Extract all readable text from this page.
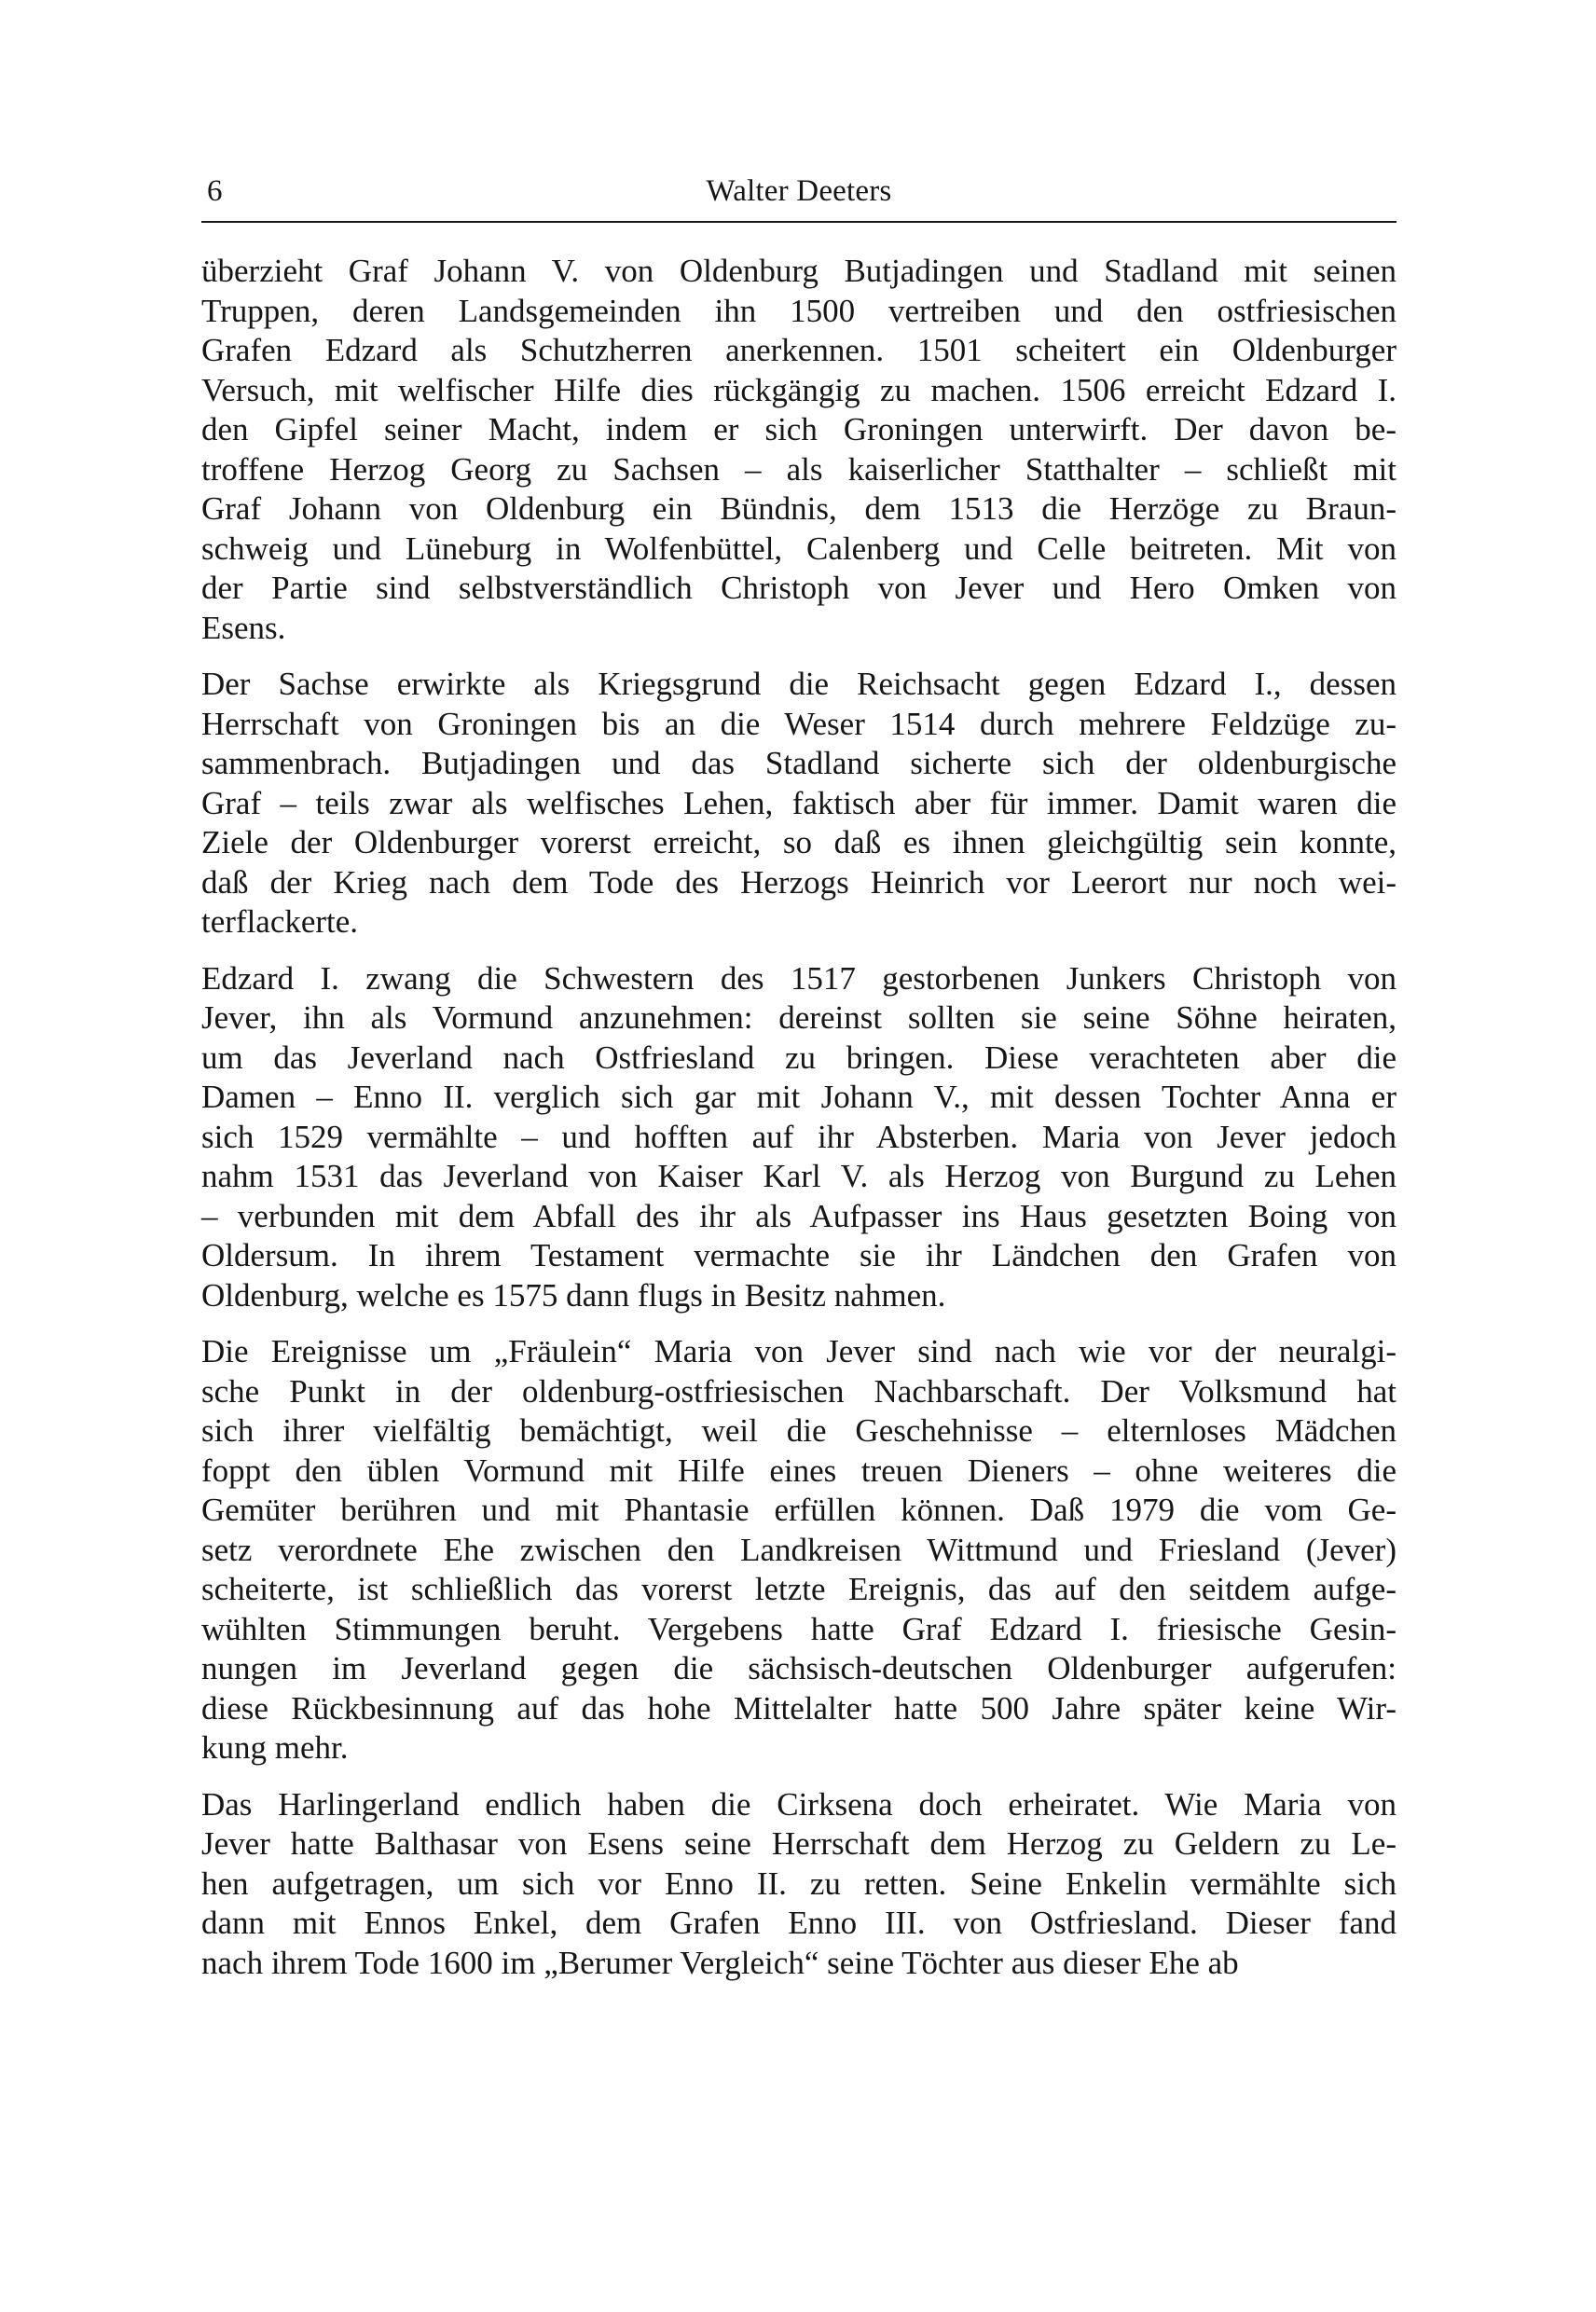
6	Walter Deeters
überzieht Graf Johann V. von Oldenburg Butjadingen und Stadland mit seinen
Truppen, deren Landsgemeinden ihn 1500 vertreiben und den ostfriesischen
Grafen Edzard als Schutzherren anerkennen. 1501 scheitert ein Oldenburger
Versuch, mit welfischer Hilfe dies rückgängig zu machen. 1506 erreicht Edzard I.
den Gipfel seiner Macht, indem er sich Groningen unterwirft. Der davon be-
troffene Herzog Georg zu Sachsen – als kaiserlicher Statthalter – schließt mit
Graf Johann von Oldenburg ein Bündnis, dem 1513 die Herzöge zu Braun-
schweig und Lüneburg in Wolfenbüttel, Calenberg und Celle beitreten. Mit von
der Partie sind selbstverständlich Christoph von Jever und Hero Omken von
Esens.
Der Sachse erwirkte als Kriegsgrund die Reichsacht gegen Edzard I., dessen
Herrschaft von Groningen bis an die Weser 1514 durch mehrere Feldzüge zu-
sammenbrach. Butjadingen und das Stadland sicherte sich der oldenburgische
Graf – teils zwar als welfisches Lehen, faktisch aber für immer. Damit waren die
Ziele der Oldenburger vorerst erreicht, so daß es ihnen gleichgültig sein konnte,
daß der Krieg nach dem Tode des Herzogs Heinrich vor Leerort nur noch wei-
terflackerte.
Edzard I. zwang die Schwestern des 1517 gestorbenen Junkers Christoph von
Jever, ihn als Vormund anzunehmen: dereinst sollten sie seine Söhne heiraten,
um das Jeverland nach Ostfriesland zu bringen. Diese verachteten aber die
Damen – Enno II. verglich sich gar mit Johann V., mit dessen Tochter Anna er
sich 1529 vermählte – und hofften auf ihr Absterben. Maria von Jever jedoch
nahm 1531 das Jeverland von Kaiser Karl V. als Herzog von Burgund zu Lehen
– verbunden mit dem Abfall des ihr als Aufpasser ins Haus gesetzten Boing von
Oldersum. In ihrem Testament vermachte sie ihr Ländchen den Grafen von
Oldenburg, welche es 1575 dann flugs in Besitz nahmen.
Die Ereignisse um „Fräulein“ Maria von Jever sind nach wie vor der neuralgi-
sche Punkt in der oldenburg-ostfriesischen Nachbarschaft. Der Volksmund hat
sich ihrer vielfältig bemächtigt, weil die Geschehnisse – elternloses Mädchen
foppt den üblen Vormund mit Hilfe eines treuen Dieners – ohne weiteres die
Gemüter berühren und mit Phantasie erfüllen können. Daß 1979 die vom Ge-
setz verordnete Ehe zwischen den Landkreisen Wittmund und Friesland (Jever)
scheiterte, ist schließlich das vorerst letzte Ereignis, das auf den seitdem aufge-
wühlten Stimmungen beruht. Vergebens hatte Graf Edzard I. friesische Gesin-
nungen im Jeverland gegen die sächsisch-deutschen Oldenburger aufgerufen:
diese Rückbesinnung auf das hohe Mittelalter hatte 500 Jahre später keine Wir-
kung mehr.
Das Harlingerland endlich haben die Cirksena doch erheiratet. Wie Maria von
Jever hatte Balthasar von Esens seine Herrschaft dem Herzog zu Geldern zu Le-
hen aufgetragen, um sich vor Enno II. zu retten. Seine Enkelin vermählte sich
dann mit Ennos Enkel, dem Grafen Enno III. von Ostfriesland. Dieser fand
nach ihrem Tode 1600 im „Berumer Vergleich“ seine Töchter aus dieser Ehe ab
